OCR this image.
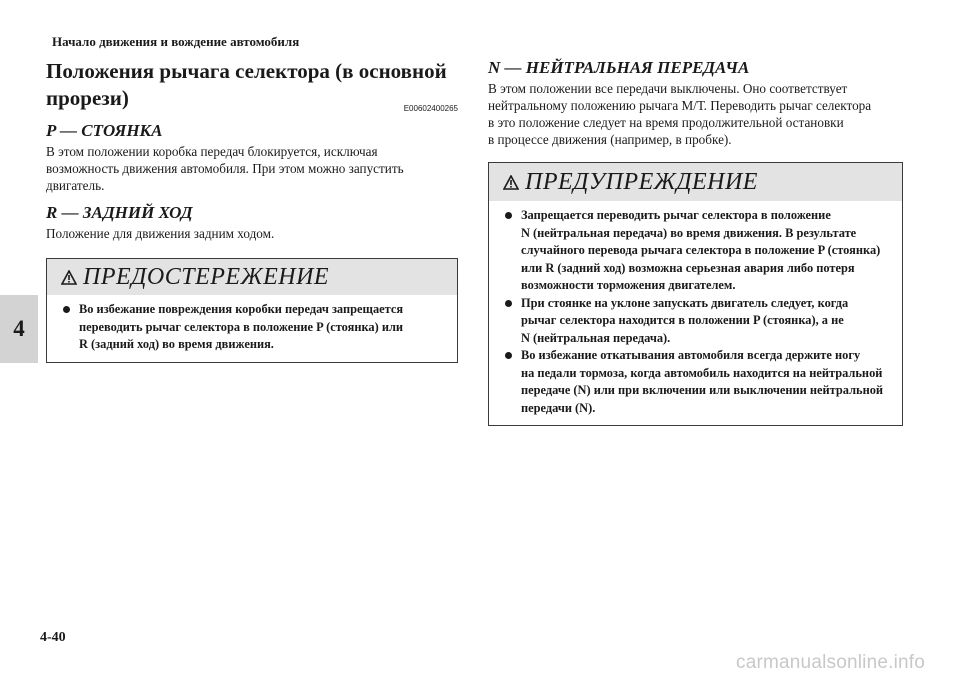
Начало движения и вождение автомобиля
4
4-40
carmanualsonline.info
Положения рычага селектора (в основной прорези)	E00602400265
P — СТОЯНКА

В этом положении коробка передач блокируется, исключая
возможность движения автомобиля. При этом можно запустить
двигатель.

R — ЗАДНИЙ ХОД

Положение для движения задним ходом.

ПРЕДОСТЕРЕЖЕНИЕ
Во избежание повреждения коробки передач запрещается
переводить рычаг селектора в положение P (стоянка) или
R (задний ход) во время движения.
N — НЕЙТРАЛЬНАЯ ПЕРЕДАЧА

В этом положении все передачи выключены. Оно соответствует
нейтральному положению рычага М/Т. Переводить рычаг селектора
в это положение следует на время продолжительной остановки
в процессе движения (например, в пробке).

ПРЕДУПРЕЖДЕНИЕ
Запрещается переводить рычаг селектора в положение
N (нейтральная передача) во время движения. В результате
случайного перевода рычага селектора в положение P (стоянка)
или R (задний ход) возможна серьезная авария либо потеря
возможности торможения двигателем.
При стоянке на уклоне запускать двигатель следует, когда
рычаг селектора находится в положении P (стоянка), а не
N (нейтральная передача).
Во избежание откатывания автомобиля всегда держите ногу
на педали тормоза, когда автомобиль находится на нейтральной
передаче (N) или при включении или выключении нейтральной
передачи (N).
